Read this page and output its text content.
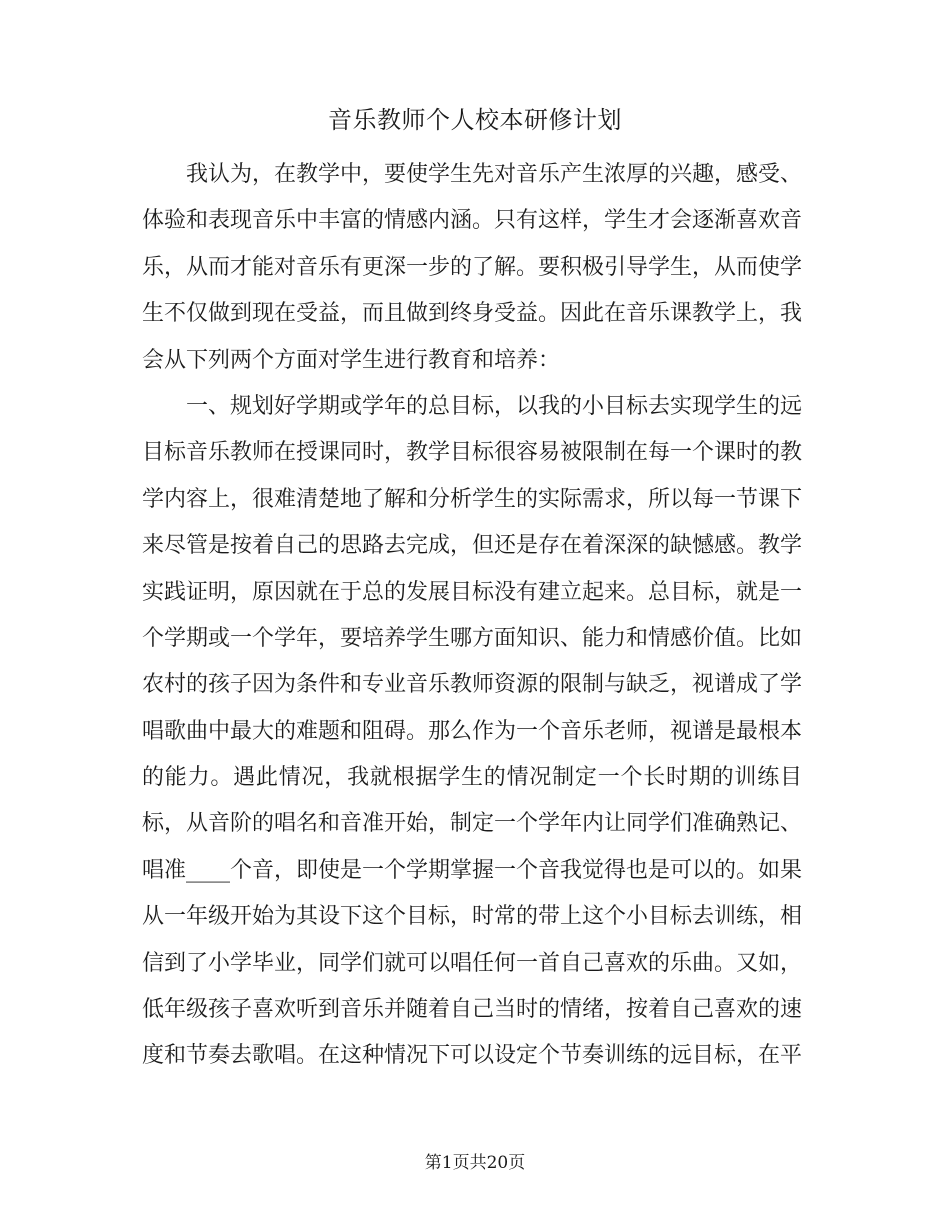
音乐教师个人校本研修计划
我认为，在教学中，要使学生先对音乐产生浓厚的兴趣，感受、
体验和表现音乐中丰富的情感内涵。只有这样，学生才会逐渐喜欢音
乐，从而才能对音乐有更深一步的了解。要积极引导学生，从而使学
生不仅做到现在受益，而且做到终身受益。因此在音乐课教学上，我
会从下列两个方面对学生进行教育和培养：
一、规划好学期或学年的总目标，以我的小目标去实现学生的远
目标音乐教师在授课同时，教学目标很容易被限制在每一个课时的教
学内容上，很难清楚地了解和分析学生的实际需求，所以每一节课下
来尽管是按着自己的思路去完成，但还是存在着深深的缺憾感。教学
实践证明，原因就在于总的发展目标没有建立起来。总目标，就是一
个学期或一个学年，要培养学生哪方面知识、能力和情感价值。比如
农村的孩子因为条件和专业音乐教师资源的限制与缺乏，视谱成了学
唱歌曲中最大的难题和阻碍。那么作为一个音乐老师，视谱是最根本
的能力。遇此情况，我就根据学生的情况制定一个长时期的训练目
标，从音阶的唱名和音准开始，制定一个学年内让同学们准确熟记、
唱准____个音，即使是一个学期掌握一个音我觉得也是可以的。如果
从一年级开始为其设下这个目标，时常的带上这个小目标去训练，相
信到了小学毕业，同学们就可以唱任何一首自己喜欢的乐曲。又如，
低年级孩子喜欢听到音乐并随着自己当时的情绪，按着自己喜欢的速
度和节奏去歌唱。在这种情况下可以设定个节奏训练的远目标，在平
第1页共20页
